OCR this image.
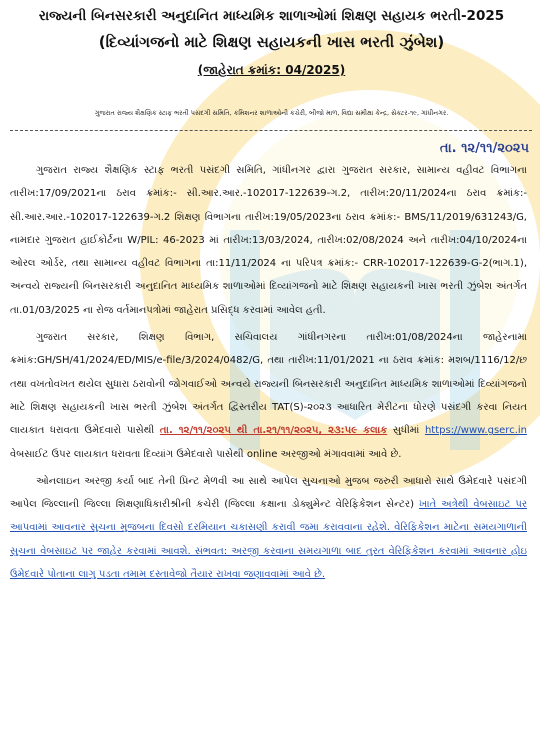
રાજ્યની બિનસરકારી અનુદાનિત માધ્યમિક શાળાઓમાં શિક્ષણ સહાયક ભરતી-2025
(દિવ્યાંગજનો માટે શિક્ષણ સહાયકની ખાસ ભરતી ઝુંબેશ)
(જાહેરાત ક્રમાંક: 04/2025)
ગુજરાત રાજ્ય શૈક્ષણિક સ્ટાફ ભરતી પસંદગી સમિતિ, કમિશનર શાળાઓની કચેરી, બીજો માળ, વિદ્યા સમીક્ષા કેન્દ્ર, સેક્ટર-૧૯, ગાંધીનગર.
તા. ૧૨/૧૧/૨૦૨૫

ગુજરાત રાજ્ય શૈક્ષણિક સ્ટાફ ભરતી પસંદગી સમિતિ, ગાંધીનગર દ્વારા ગુજરાત સરકાર, સામાન્ય વહીવટ વિભાગના તારીખ:17/09/2021ના ઠરાવ ક્રમાંક:- સી.આર.આર.-102017-122639-ગ.2, તારીખ:20/11/2024ના ઠરાવ ક્રમાંક:- સી.આર.આર.-102017-122639-ગ.2 શિક્ષણ વિભાગના તારીખ:19/05/2023ના ઠરાવ ક્રમાંક:- BMS/11/2019/631243/G, નામદાર ગુજરાત હાઈકોર્ટના W/PIL: 46-2023 માં તારીખ:13/03/2024, તારીખ:02/08/2024 અને તારીખ:04/10/2024ના ઓરલ ઓર્ડર, તથા સામાન્ય વહીવટ વિભાગના તા:11/11/2024 ના પરિપત્ર ક્રમાંક:- CRR-102017-122639-G-2(ભાગ.1), અન્વયે રાજ્યની બિનસરકારી અનુદાનિત માધ્યમિક શાળાઓમાં દિવ્યાંગજનો માટે શિક્ષણ સહાયકની ખાસ ભરતી ઝુંબેશ અંતર્ગત તા.01/03/2025 ના રોજ વર્તમાનપત્રોમાં જાહેરાત પ્રસિદ્ધ કરવામાં આવેલ હતી.

ગુજરાત સરકાર, શિક્ષણ વિભાગ, સચિવાલય ગાંધીનગરના તારીખ:01/08/2024ના જાહેરનામા ક્રમાંક:GH/SH/41/2024/ED/MIS/e-file/3/2024/0482/G, તથા તારીખ:11/01/2021 ના ઠરાવ ક્રમાંક: મશબ/1116/12/છ તથા વખતોવખત થયેલ સુધારા ઠરાવોની જોગવાઈઓ અન્વયે રાજ્યની બિનસરકારી અનુદાનિત માધ્યમિક શાળાઓમાં દિવ્યાંગજનો માટે શિક્ષણ સહાયકની ખાસ ભરતી ઝુંબેશ અંતર્ગત દ્વિસ્તરીય TAT(S)-૨૦૨૩ આધારિત મેરીટના ધોરણે પસંદગી કરવા નિયત લાયકાત ધરાવતા ઉમેદવારો પાસેથી તા. ૧૨/૧૧/૨૦૨૫ થી તા.૨૧/૧૧/૨૦૨૫, ૨૩:૫૯ કલાક સુધીમાં https://www.gserc.in વેબસાઈટ ઉપર લાયકાત ધરાવતા દિવ્યાંગ ઉમેદવારો પાસેથી online અરજીઓ મંગાવવામાં આવે છે.

ઓનલાઇન અરજી કર્યા બાદ તેની પ્રિન્ટ મેળવી આ સાથે આપેલ સુચનાઓ મુજબ જરુરી આધારો સાથે ઉમેદવારે પસંદગી આપેલ જિલ્લાની જિલ્લા શિક્ષણાધિકારીશ્રીની કચેરી (જિલ્લા કક્ષાના ડોક્યુમેન્ટ વેરિફિકેશન સેન્ટર) ખાતે અત્રેથી વેબસાઇટ પર આપવામાં આવનાર સુચના મુજબના દિવસો દરમિયાન ચકાસણી કરાવી જમા કરાવવાના રહેશે. વેરિફિકેશન માટેના સમયગાળાની સુચના વેબસાઇટ પર જાહેર કરવામાં આવશે. સંભવત: અરજી કરવાના સમયગાળા બાદ તુરત વેરિફિકેશન કરવામાં આવનાર હોઇ ઉમેદવારે પોતાના લાગુ પડતા તમામ દસ્તાવેજો તૈયાર રાખવા જણાવવામાં આવે છે.
